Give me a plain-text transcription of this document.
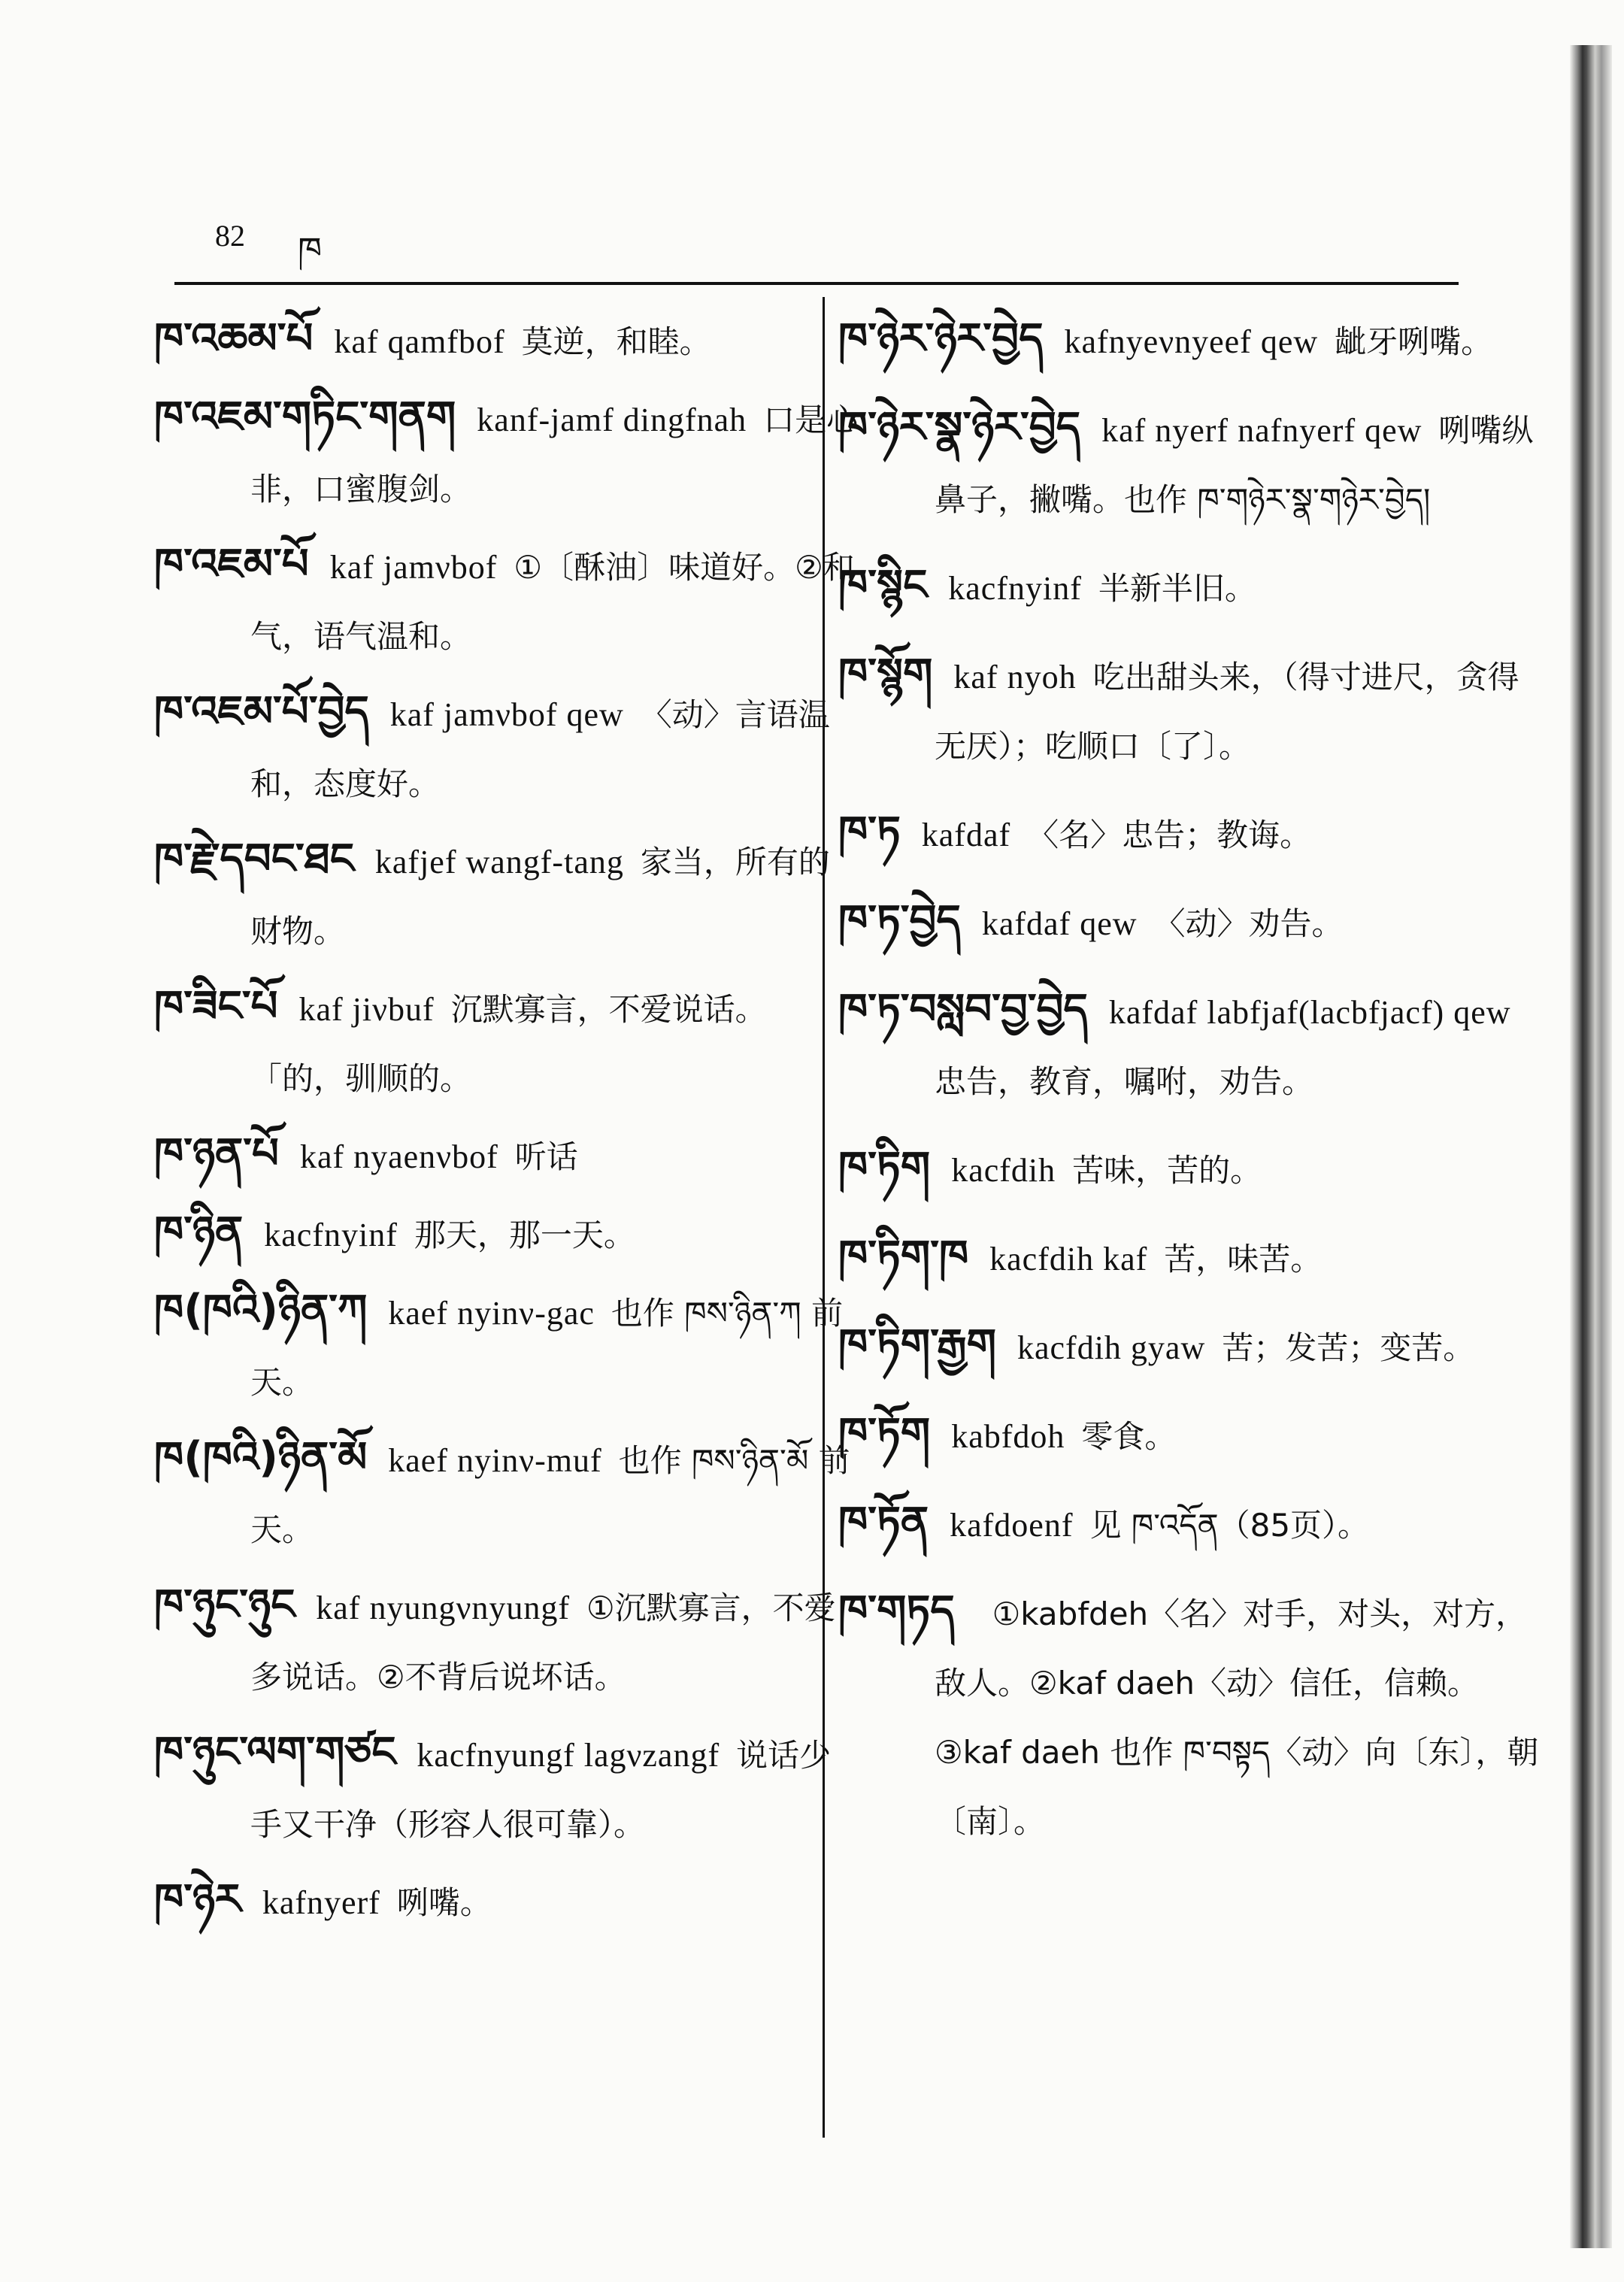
82 ཁ
ཁ་འཆམ་པོ kaf qamfbof 莫逆，和睦。
ཁ་འཇམ་གཏིང་གནག kanf-jamf dingfnah 口是心非，口蜜腹剑。
ཁ་འཇམ་པོ kaf jamνbof ①〔酥油〕味道好。②和气，语气温和。
ཁ་འཇམ་པོ་བྱེད kaf jamνbof qew 〈动〉言语温和，态度好。
ཁ་རྗེ་དབང་ཐང kafjef wangf-tang 家当，所有的财物。
ཁ་ཟིང་པོ kaf jiνbuf 沉默寡言，不爱说话。　「的，驯顺的。
ཁ་ཉན་པོ kaf nyaenνbof 听话
ཁ་ཉིན kacfnyinf 那天，那一天。
ཁ(ཁའི)ཉིན་ཀ kaef nyinν-gac 也作 ཁས་ཉིན་ཀ 前天。
ཁ(ཁའི)ཉིན་མོ kaef nyinν-muf 也作 ཁས་ཉིན་མོ 前天。
ཁ་ཉུང་ཉུང kaf nyungνnyungf ①沉默寡言，不爱多说话。②不背后说坏话。
ཁ་ཉུང་ལག་གཙང kacfnyungf lagνzangf 说话少手又干净（形容人很可靠）。
ཁ་ཉེར kafnyerf 咧嘴。
ཁ་ཉེར་ཉེར་བྱེད kafnyeνnyeef qew 龇牙咧嘴。
ཁ་ཉེར་སྣ་ཉེར་བྱེད kaf nyerf nafnyerf qew 咧嘴纵鼻子，撇嘴。也作 ཁ་གཉེར་སྣ་གཉེར་བྱེད།
ཁ་སྙིང kacfnyinf 半新半旧。
ཁ་སྙོག kaf nyoh 吃出甜头来，（得寸进尺，贪得无厌）；吃顺口〔了〕。
ཁ་ཏ kafdaf 〈名〉忠告；教诲。
ཁ་ཏ་བྱེད kafdaf qew 〈动〉劝告。
ཁ་ཏ་བསླབ་བྱ་བྱེད kafdaf labfjaf(lacbfjacf) qew忠告，教育，嘱咐，劝告。
ཁ་ཏིག kacfdih 苦味，苦的。
ཁ་ཏིག་ཁ kacfdih kaf 苦，味苦。
ཁ་ཏིག་རྒྱག kacfdih gyaw 苦；发苦；变苦。
ཁ་ཏོག kabfdoh 零食。
ཁ་ཏོན kafdoenf 见 ཁ་འདོན（85页）。
ཁ་གཏད ①kabfdeh〈名〉对手，对头，对方，敌人。②kaf daeh〈动〉信任，信赖。③kaf daeh 也作 ཁ་བསྟད〈动〉向〔东〕，朝〔南〕。
